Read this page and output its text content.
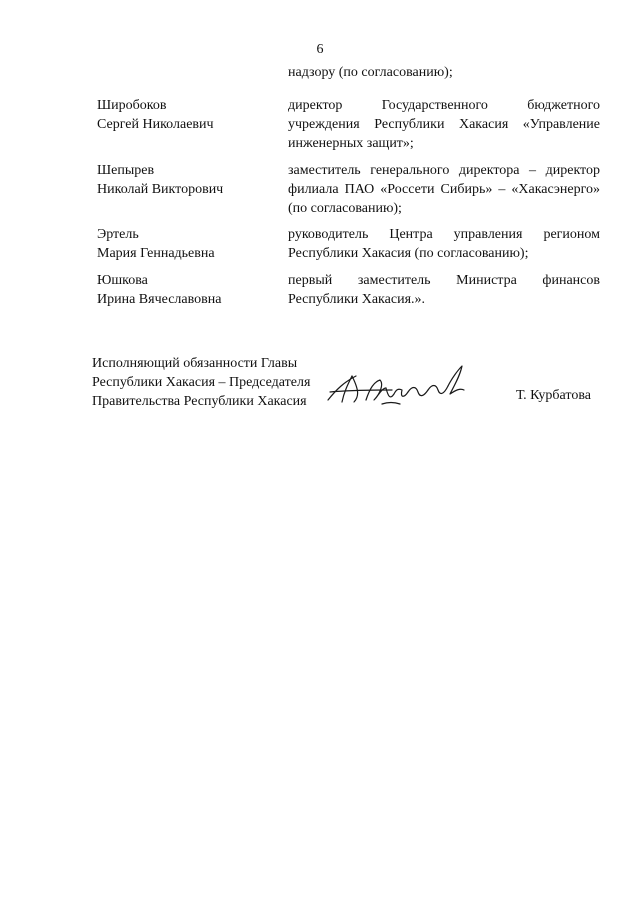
6
надзору (по согласованию);
Широбоков
Сергей Николаевич
директор Государственного бюджетного учреждения Республики Хакасия «Управление инженерных защит»;
Шепырев
Николай Викторович
заместитель генерального директора – директор филиала ПАО «Россети Сибирь» – «Хакасэнерго» (по согласованию);
Эртель
Мария Геннадьевна
руководитель Центра управления регионом Республики Хакасия (по согласованию);
Юшкова
Ирина Вячеславовна
первый заместитель Министра финансов Республики Хакасия.».
Исполняющий обязанности Главы
Республики Хакасия – Председателя
Правительства Республики Хакасия	Т. Курбатова
